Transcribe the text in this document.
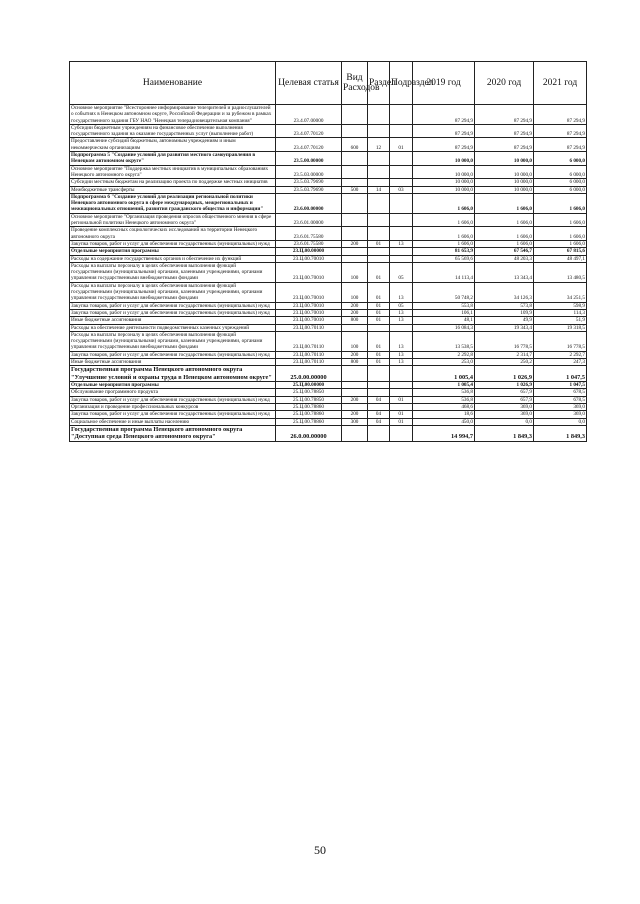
Наименование	Целевая статья	Вид Расходов	Раздел	Подраздел	2019 год	2020 год	2021 год
Основное мероприятие "Всестороннее информирование телезрителей и радиослушателей о событиях в Ненецком автономном округе, Российской Федерации и за рубежом в рамках государственного задания ГБУ НАО "Ненецкая телерадиовещательная компания"	23.4.07.00000				87 294,9	87 294,9	87 294,9
Субсидии бюджетным учреждениям на финансовое обеспечение выполнения государственного задания на оказание государственных услуг (выполнение работ)	23.4.07.70120				87 294,9	87 294,9	87 294,9
Предоставление субсидий бюджетным, автономным учреждениям и иным некоммерческим организациям	23.4.07.70120	600	12	01	87 294,9	87 294,9	87 294,9
Подпрограмма 5 "Создание условий для развития местного самоуправления в Ненецком автономном округе"	23.5.00.00000				10 000,0	10 000,0	6 000,0
Основное мероприятие "Поддержка местных инициатив в муниципальных образованиях Ненецкого автономного округа"	23.5.03.00000				10 000,0	10 000,0	6 000,0
Субсидии местным бюджетам на реализацию проекта по поддержке местных инициатив	23.5.03.79690				10 000,0	10 000,0	6 000,0
Межбюджетные трансферты	23.5.03.79690	500	14	03	10 000,0	10 000,0	6 000,0
Подпрограмма 6 "Создание условий для реализации региональной политики Ненецкого автономного округа в сфере международных, межрегиональных и межнациональных отношений, развития гражданского общества и информации"	23.6.00.00000				1 606,0	1 606,0	1 606,0
Основное мероприятие "Организация проведения опросов общественного мнения в сфере региональной политики Ненецкого автономного округа"	23.6.01.00000				1 606,0	1 606,0	1 606,0
Проведение комплексных социологических исследований на территории Ненецкого автономного округа	23.6.01.75580				1 606,0	1 606,0	1 606,0
Закупка товаров, работ и услуг для обеспечения государственных (муниципальных) нужд	23.6.01.75580	200	01	13	1 606,0	1 606,0	1 606,0
Отдельные мероприятия программы	23.Ц.00.00000				81 653,9	67 546,7	67 815,6
Расходы на содержание государственных органов и обеспечение их функций	23.Ц.00.70010				65 569,6	48 203,3	48 497,1
Расходы на выплаты персоналу в целях обеспечения выполнения функций государственными (муниципальными) органами, казенными учреждениями, органами управления государственными внебюджетными фондами	23.Ц.00.70010	100	01	05	14 113,4	13 343,4	13 480,5
Расходы на выплаты персоналу в целях обеспечения выполнения функций государственными (муниципальными) органами, казенными учреждениями, органами управления государственными внебюджетными фондами	23.Ц.00.70010	100	01	13	50 748,2	34 126,3	34 251,5
Закупка товаров, работ и услуг для обеспечения государственных (муниципальных) нужд	23.Ц.00.70010	200	01	05	553,8	573,8	598,9
Закупка товаров, работ и услуг для обеспечения государственных (муниципальных) нужд	23.Ц.00.70010	200	01	13	106,1	109,9	114,3
Иные бюджетные ассигнования	23.Ц.00.70010	800	01	13	48,1	49,9	51,9
Расходы на обеспечение деятельности подведомственных казенных учреждений	23.Ц.00.70110				16 084,3	19 343,4	19 318,5
Расходы на выплаты персоналу в целях обеспечения выполнения функций государственными (муниципальными) органами, казенными учреждениями, органами управления государственными внебюджетными фондами	23.Ц.00.70110	100	01	13	13 538,5	16 778,5	16 778,5
Закупка товаров, работ и услуг для обеспечения государственных (муниципальных) нужд	23.Ц.00.70110	200	01	13	2 292,8	2 314,7	2 292,7
Иные бюджетные ассигнования	23.Ц.00.70110	800	01	13	253,0	250,2	247,3
Государственная программа Ненецкого автономного округа "Улучшение условий и охраны труда в Ненецком автономном округе"	25.0.00.00000				1 005,4	1 026,9	1 047,5
Отдельные мероприятия программы	25.Ц.00.00000				1 005,4	1 026,9	1 047,5
Обслуживание программного продукта	25.Ц.00.78850				536,8	657,9	678,5
Закупка товаров, работ и услуг для обеспечения государственных (муниципальных) нужд	25.Ц.00.78850	200	04	01	536,8	657,9	678,5
Организация и проведение профессиональных конкурсов	25.Ц.00.78860				468,6	369,0	369,0
Закупка товаров, работ и услуг для обеспечения государственных (муниципальных) нужд	25.Ц.00.78860	200	04	01	18,6	369,0	369,0
Социальное обеспечение и иные выплаты населению	25.Ц.00.78860	300	04	01	450,0	0,0	0,0
Государственная программа Ненецкого автономного округа "Доступная среда Ненецкого автономного округа"	26.0.00.00000				14 994,7	1 849,3	1 849,3
50
